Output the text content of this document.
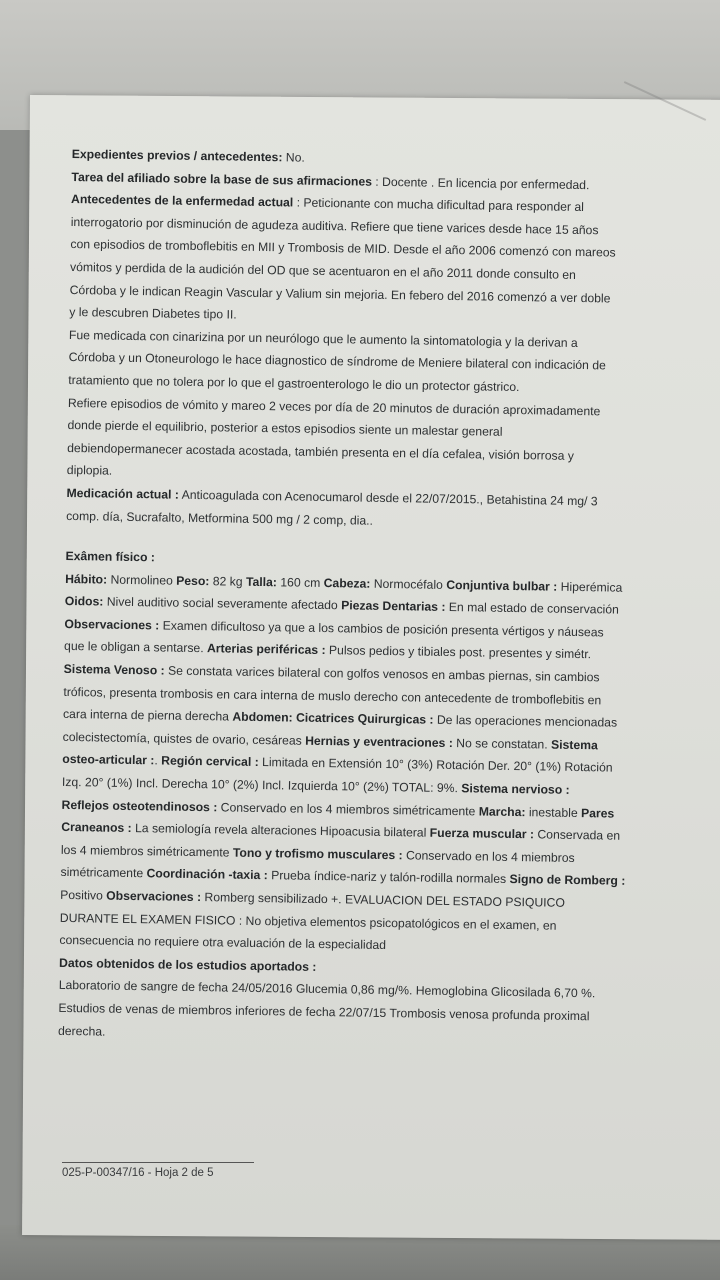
Expedientes previos / antecedentes: No.
Tarea del afiliado sobre la base de sus afirmaciones : Docente . En licencia por enfermedad.
Antecedentes de la enfermedad actual : Peticionante con mucha dificultad para responder al
interrogatorio por disminución de agudeza auditiva. Refiere que tiene varices desde hace 15 años
con episodios de tromboflebitis en MII y Trombosis de MID. Desde el año 2006 comenzó con mareos
vómitos y perdida de la audición del OD que se acentuaron en el año 2011 donde consulto en
Córdoba y le indican Reagin Vascular y Valium sin mejoria. En febero del 2016 comenzó a ver doble
y le descubren Diabetes tipo II.
Fue medicada con cinarizina por un neurólogo que le aumento la sintomatologia y la derivan a
Córdoba y un Otoneurologo le hace diagnostico de síndrome de Meniere bilateral con indicación de
tratamiento que no tolera por lo que el gastroenterologo le dio un protector gástrico.
Refiere episodios de vómito y mareo 2 veces por día de 20 minutos de duración aproximadamente
donde pierde el equilibrio, posterior a estos episodios siente un malestar general
debiendopermanecer acostada acostada, también presenta en el día cefalea, visión borrosa y
diplopia.
Medicación actual : Anticoagulada con Acenocumarol desde el 22/07/2015., Betahistina 24 mg/ 3
comp. día, Sucrafalto, Metformina 500 mg / 2 comp, dia..
Exâmen físico :
Hábito: Normolineo Peso: 82 kg Talla: 160 cm Cabeza: Normocéfalo Conjuntiva bulbar : Hiperémica
Oidos: Nivel auditivo social severamente afectado Piezas Dentarias : En mal estado de conservación
Observaciones : Examen dificultoso ya que a los cambios de posición presenta vértigos y náuseas
que le obligan a sentarse. Arterias periféricas : Pulsos pedios y tibiales post. presentes y simétr.
Sistema Venoso : Se constata varices bilateral con golfos venosos en ambas piernas, sin cambios
tróficos, presenta trombosis en cara interna de muslo derecho con antecedente de tromboflebitis en
cara interna de pierna derecha Abdomen: Cicatrices Quirurgicas : De las operaciones mencionadas
colecistectomía, quistes de ovario, cesáreas Hernias y eventraciones : No se constatan. Sistema
osteo-articular :. Región cervical : Limitada en Extensión 10° (3%) Rotación Der. 20° (1%) Rotación
Izq. 20° (1%) Incl. Derecha 10° (2%) Incl. Izquierda 10° (2%) TOTAL: 9%. Sistema nervioso :
Reflejos osteotendinosos : Conservado en los 4 miembros simétricamente Marcha: inestable Pares
Craneanos : La semiología revela alteraciones Hipoacusia bilateral Fuerza muscular : Conservada en
los 4 miembros simétricamente Tono y trofismo musculares : Conservado en los 4 miembros
simétricamente Coordinación -taxia : Prueba índice-nariz y talón-rodilla normales Signo de Romberg :
Positivo Observaciones : Romberg sensibilizado +. EVALUACION DEL ESTADO PSIQUICO
DURANTE EL EXAMEN FISICO : No objetiva elementos psicopatológicos en el examen, en
consecuencia no requiere otra evaluación de la especialidad
Datos obtenidos de los estudios aportados :
Laboratorio de sangre de fecha 24/05/2016 Glucemia 0,86 mg/%. Hemoglobina Glicosilada 6,70 %.
Estudios de venas de miembros inferiores de fecha 22/07/15 Trombosis venosa profunda proximal
derecha.
025-P-00347/16 - Hoja 2 de 5
